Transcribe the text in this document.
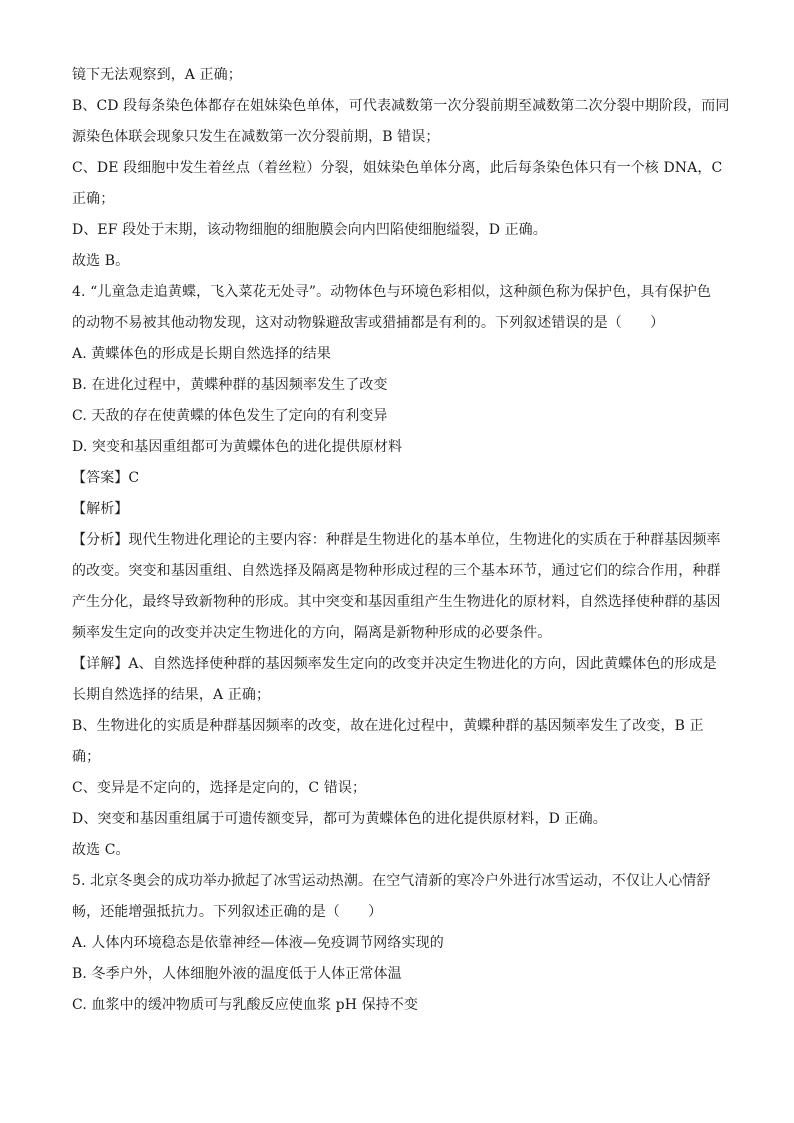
镜下无法观察到，A 正确；
B、CD 段每条染色体都存在姐妹染色单体，可代表减数第一次分裂前期至减数第二次分裂中期阶段，而同
源染色体联会现象只发生在减数第一次分裂前期，B 错误；
C、DE 段细胞中发生着丝点（着丝粒）分裂，姐妹染色单体分离，此后每条染色体只有一个核 DNA，C
正确；
D、EF 段处于末期，该动物细胞的细胞膜会向内凹陷使细胞缢裂，D 正确。
故选 B。
4. “儿童急走追黄蝶，飞入菜花无处寻”。动物体色与环境色彩相似，这种颜色称为保护色，具有保护色
的动物不易被其他动物发现，这对动物躲避敌害或猎捕都是有利的。下列叙述错误的是（　　）
A. 黄蝶体色的形成是长期自然选择的结果
B. 在进化过程中，黄蝶种群的基因频率发生了改变
C. 天敌的存在使黄蝶的体色发生了定向的有利变异
D. 突变和基因重组都可为黄蝶体色的进化提供原材料
【答案】C
【解析】
【分析】现代生物进化理论的主要内容：种群是生物进化的基本单位，生物进化的实质在于种群基因频率
的改变。突变和基因重组、自然选择及隔离是物种形成过程的三个基本环节，通过它们的综合作用，种群
产生分化，最终导致新物种的形成。其中突变和基因重组产生生物进化的原材料，自然选择使种群的基因
频率发生定向的改变并决定生物进化的方向，隔离是新物种形成的必要条件。
【详解】A、自然选择使种群的基因频率发生定向的改变并决定生物进化的方向，因此黄蝶体色的形成是
长期自然选择的结果，A 正确；
B、生物进化的实质是种群基因频率的改变，故在进化过程中，黄蝶种群的基因频率发生了改变，B 正
确；
C、变异是不定向的，选择是定向的，C 错误；
D、突变和基因重组属于可遗传额变异，都可为黄蝶体色的进化提供原材料，D 正确。
故选 C。
5. 北京冬奥会的成功举办掀起了冰雪运动热潮。在空气清新的寒冷户外进行冰雪运动，不仅让人心情舒
畅，还能增强抵抗力。下列叙述正确的是（　　）
A. 人体内环境稳态是依靠神经—体液—免疫调节网络实现的
B. 冬季户外，人体细胞外液的温度低于人体正常体温
C. 血浆中的缓冲物质可与乳酸反应使血浆 pH 保持不变
